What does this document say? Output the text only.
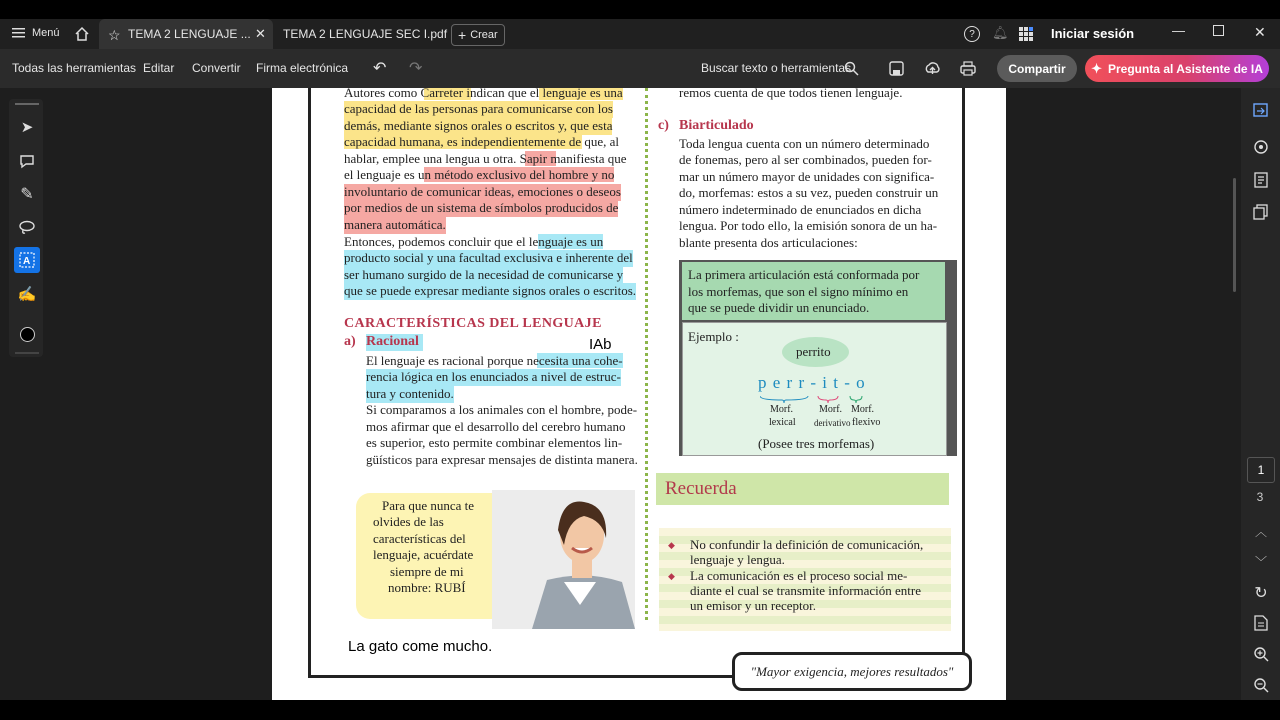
Menú	☆ TEMA 2 LENGUAJE ... ✕ TEMA 2 LENGUAJE SEC I.pdf + Crear	?	🔔︎	Iniciar sesión	—	✕
Todas las herramientas Editar Convertir Firma electrónica ↶ ↷	Buscar texto o herramientas	Compartir ✦ Pregunta al Asistente de IA
➤
✎
A
✍
Autores como Carreter indican que el lenguaje es una
capacidad de las personas para comunicarse con los
demás, mediante signos orales o escritos y, que esta
capacidad humana, es independientemente de que, al
hablar, emplee una lengua u otra. Sapir manifiesta que
el lenguaje es un método exclusivo del hombre y no
involuntario de comunicar ideas, emociones o deseos
por medios de un sistema de símbolos producidos de
manera automática.
Entonces, podemos concluir que el lenguaje es un
producto social y una facultad exclusiva e inherente del
ser humano surgido de la necesidad de comunicarse y
que se puede expresar mediante signos orales o escritos.
CARACTERÍSTICAS DEL LENGUAJE
a) Racional	IAb
El lenguaje es racional porque necesita una cohe-
rencia lógica en los enunciados a nivel de estruc-
tura y contenido.
Si comparamos a los animales con el hombre, pode-
mos afirmar que el desarrollo del cerebro humano
es superior, esto permite combinar elementos lin-
güísticos para expresar mensajes de distinta manera.
Para que nunca te
olvides de las
características del
lenguaje, acuérdate
siempre de mi
nombre: RUBÍ
La gato come mucho.
remos cuenta de que todos tienen lenguaje.
c) Biarticulado
Toda lengua cuenta con un número determinado
de fonemas, pero al ser combinados, pueden for-
mar un número mayor de unidades con significa-
do, morfemas: estos a su vez, pueden construir un
número indeterminado de enunciados en dicha
lengua. Por todo ello, la emisión sonora de un ha-
blante presenta dos articulaciones:
La primera articulación está conformada por
los morfemas, que son el signo mínimo en
que se puede dividir un enunciado.
Ejemplo :
perrito
p e r r - i t - o
Morf.
lexical
Morf.
derivativo
Morf.
flexivo
(Posee tres morfemas)
Recuerda
◆ No confundir la definición de comunicación,
lenguaje y lengua.
◆ La comunicación es el proceso social me-
diante el cual se transmite información entre
un emisor y un receptor.
"Mayor exigencia, mejores resultados"
1
3
︿
﹀
↻
